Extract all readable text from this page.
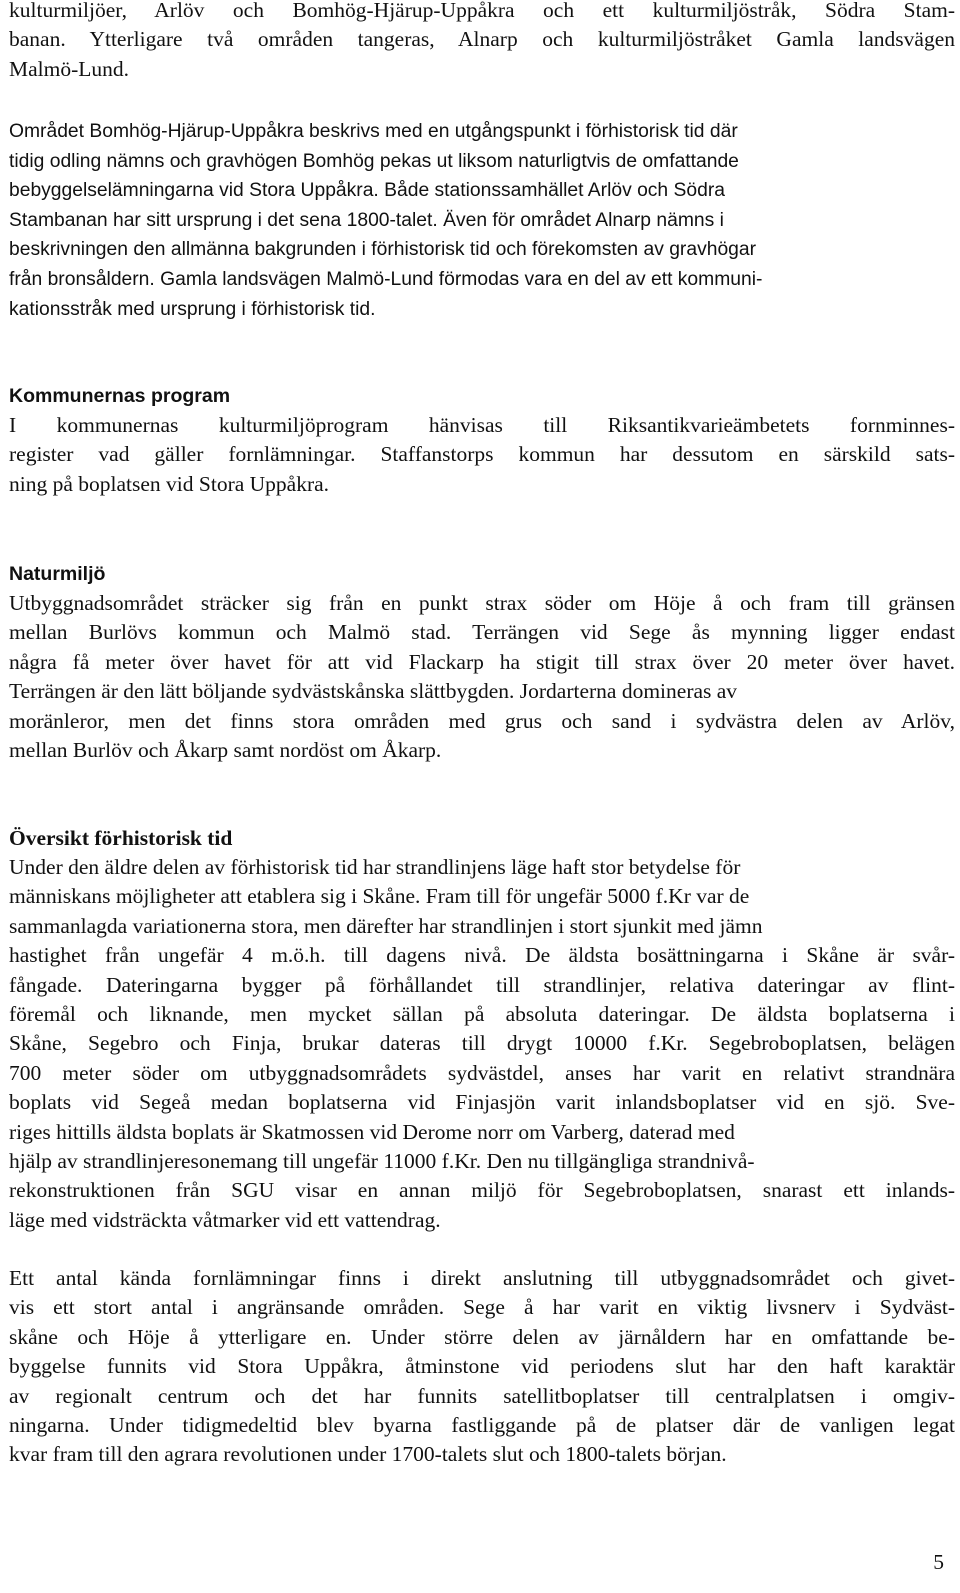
kulturmiljöer, Arlöv och Bomhög-Hjärup-Uppåkra och ett kulturmiljöstråk, Södra Stam-
banan. Ytterligare två områden tangeras, Alnarp och kulturmiljöstråket Gamla landsvägen
Malmö-Lund.
Området Bomhög-Hjärup-Uppåkra beskrivs med en utgångspunkt i förhistorisk tid där
tidig odling nämns och gravhögen Bomhög pekas ut liksom naturligtvis de omfattande
bebyggelselämningarna vid Stora Uppåkra. Både stationssamhället Arlöv och Södra
Stambanan har sitt ursprung i det sena 1800-talet. Även för området Alnarp nämns i
beskrivningen den allmänna bakgrunden i förhistorisk tid och förekomsten av gravhögar
från bronsåldern. Gamla landsvägen Malmö-Lund förmodas vara en del av ett kommuni-
kationsstråk med ursprung i förhistorisk tid.
Kommunernas program
I kommunernas kulturmiljöprogram hänvisas till Riksantikvarieämbetets fornminnes-
register vad gäller fornlämningar. Staffanstorps kommun har dessutom en särskild sats-
ning på boplatsen vid Stora Uppåkra.
Naturmiljö
Utbyggnadsområdet sträcker sig från en punkt strax söder om Höje å och fram till gränsen
mellan Burlövs kommun och Malmö stad. Terrängen vid Sege ås mynning ligger endast
några få meter över havet för att vid Flackarp ha stigit till strax över 20 meter över havet.
Terrängen är den lätt böljande sydvästskånska slättbygden. Jordarterna domineras av
moränleror, men det finns stora områden med grus och sand i sydvästra delen av Arlöv,
mellan Burlöv och Åkarp samt nordöst om Åkarp.
Översikt förhistorisk tid
Under den äldre delen av förhistorisk tid har strandlinjens läge haft stor betydelse för
människans möjligheter att etablera sig i Skåne. Fram till för ungefär 5000 f.Kr var de
sammanlagda variationerna stora, men därefter har strandlinjen i stort sjunkit med jämn
hastighet från ungefär 4 m.ö.h. till dagens nivå. De äldsta bosättningarna i Skåne är svår-
fångade. Dateringarna bygger på förhållandet till strandlinjer, relativa dateringar av flint-
föremål och liknande, men mycket sällan på absoluta dateringar. De äldsta boplatserna i
Skåne, Segebro och Finja, brukar dateras till drygt 10000 f.Kr. Segebroboplatsen, belägen
700 meter söder om utbyggnadsområdets sydvästdel, anses har varit en relativt strandnära
boplats vid Segeå medan boplatserna vid Finjasjön varit inlandsboplatser vid en sjö. Sve-
riges hittills äldsta boplats är Skatmossen vid Derome norr om Varberg, daterad med
hjälp av strandlinjeresonemang till ungefär 11000 f.Kr. Den nu tillgängliga strandnivå-
rekonstruktionen från SGU visar en annan miljö för Segebroboplatsen, snarast ett inlands-
läge med vidsträckta våtmarker vid ett vattendrag.
Ett antal kända fornlämningar finns i direkt anslutning till utbyggnadsområdet och givet-
vis ett stort antal i angränsande områden. Sege å har varit en viktig livsnerv i Sydväst-
skåne och Höje å ytterligare en. Under större delen av järnåldern har en omfattande be-
byggelse funnits vid Stora Uppåkra, åtminstone vid periodens slut har den haft karaktär
av regionalt centrum och det har funnits satellitboplatser till centralplatsen i omgiv-
ningarna. Under tidigmedeltid blev byarna fastliggande på de platser där de vanligen legat
kvar fram till den agrara revolutionen under 1700-talets slut och 1800-talets början.
5
